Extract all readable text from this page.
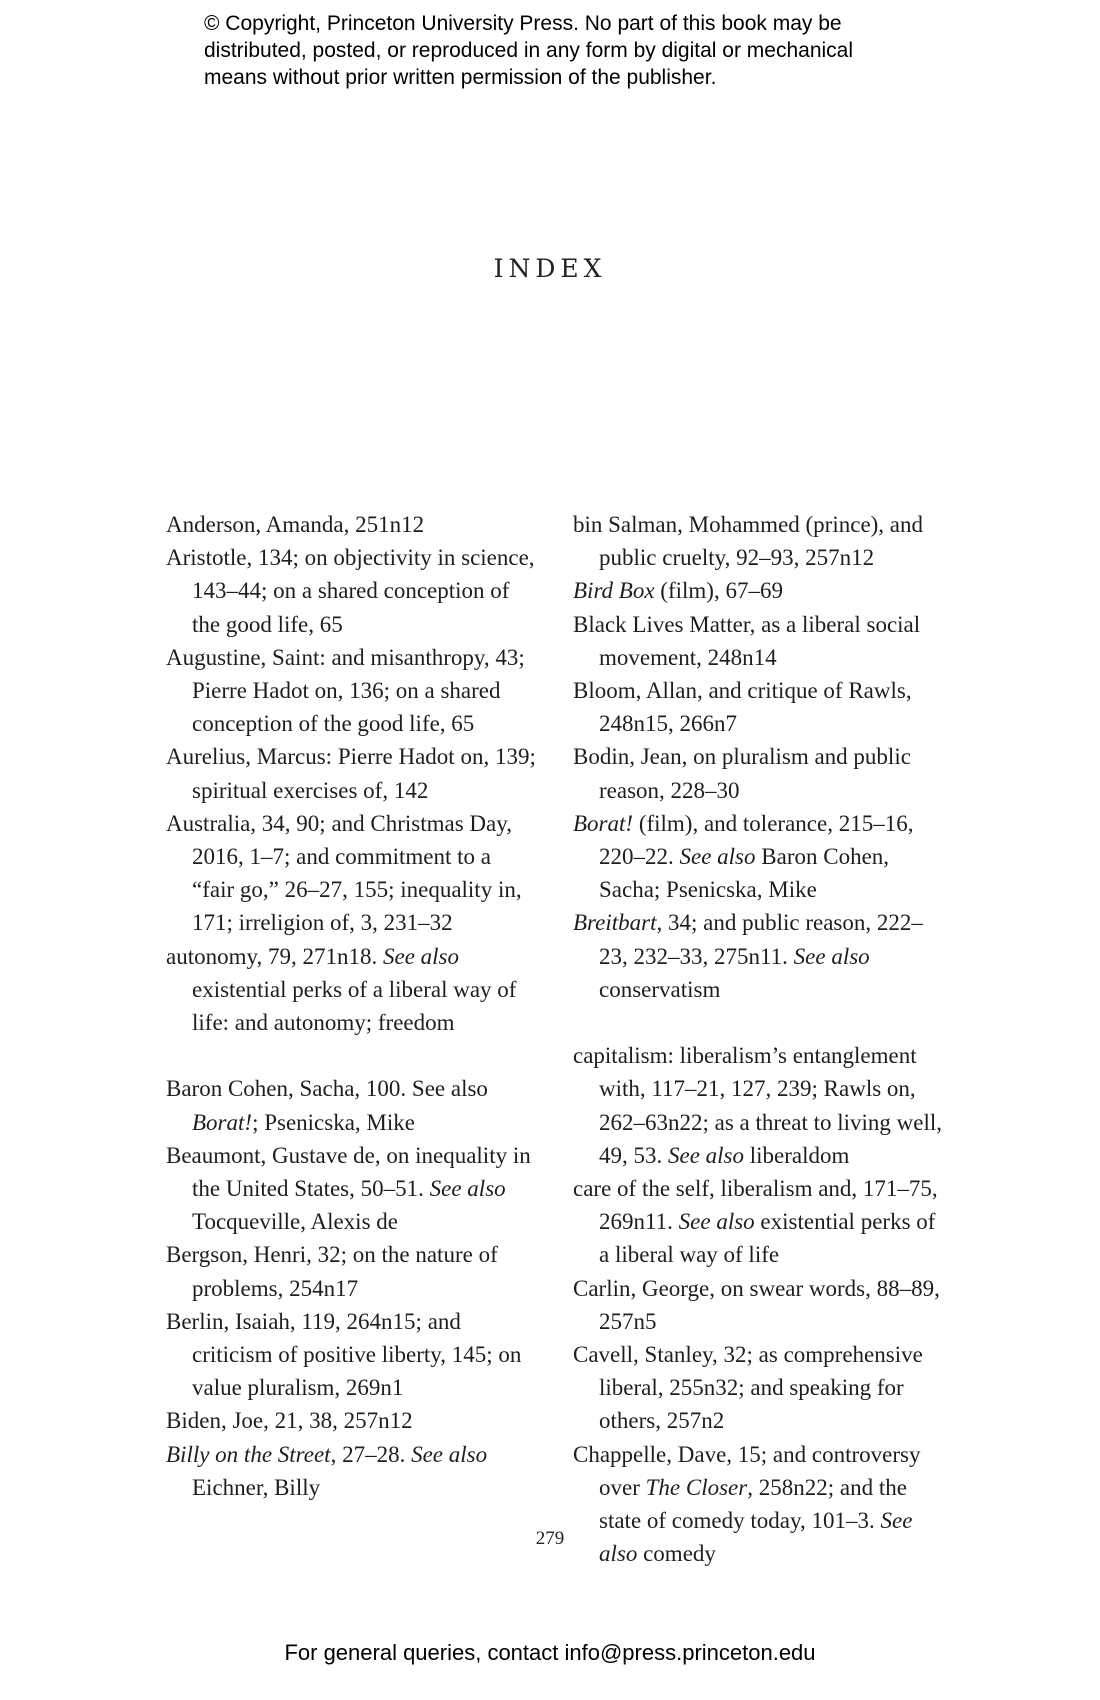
© Copyright, Princeton University Press. No part of this book may be
distributed, posted, or reproduced in any form by digital or mechanical
means without prior written permission of the publisher.
INDEX

Anderson, Amanda, 251n12

Aristotle, 134; on objectivity in science, 143–44; on a shared conception of the good life, 65

Augustine, Saint: and misanthropy, 43; Pierre Hadot on, 136; on a shared conception of the good life, 65

Aurelius, Marcus: Pierre Hadot on, 139; spiritual exercises of, 142

Australia, 34, 90; and Christmas Day, 2016, 1–7; and commitment to a “fair go,” 26–27, 155; inequality in, 171; irreligion of, 3, 231–32

autonomy, 79, 271n18. See also existential perks of a liberal way of life: and autonomy; freedom

Baron Cohen, Sacha, 100. See also Borat!; Psenicska, Mike

Beaumont, Gustave de, on inequality in the United States, 50–51. See also Tocqueville, Alexis de

Bergson, Henri, 32; on the nature of problems, 254n17

Berlin, Isaiah, 119, 264n15; and criticism of positive liberty, 145; on value pluralism, 269n1

Biden, Joe, 21, 38, 257n12

Billy on the Street, 27–28. See also Eichner, Billy

bin Salman, Mohammed (prince), and public cruelty, 92–93, 257n12

Bird Box (film), 67–69

Black Lives Matter, as a liberal social movement, 248n14

Bloom, Allan, and critique of Rawls, 248n15, 266n7

Bodin, Jean, on pluralism and public reason, 228–30

Borat! (film), and tolerance, 215–16, 220–22. See also Baron Cohen, Sacha; Psenicska, Mike

Breitbart, 34; and public reason, 222–23, 232–33, 275n11. See also conservatism

capitalism: liberalism’s entanglement with, 117–21, 127, 239; Rawls on, 262–63n22; as a threat to living well, 49, 53. See also liberaldom

care of the self, liberalism and, 171–75, 269n11. See also existential perks of a liberal way of life

Carlin, George, on swear words, 88–89, 257n5

Cavell, Stanley, 32; as comprehensive liberal, 255n32; and speaking for others, 257n2

Chappelle, Dave, 15; and controversy over The Closer, 258n22; and the state of comedy today, 101–3. See also comedy

279
For general queries, contact info@press.princeton.edu
